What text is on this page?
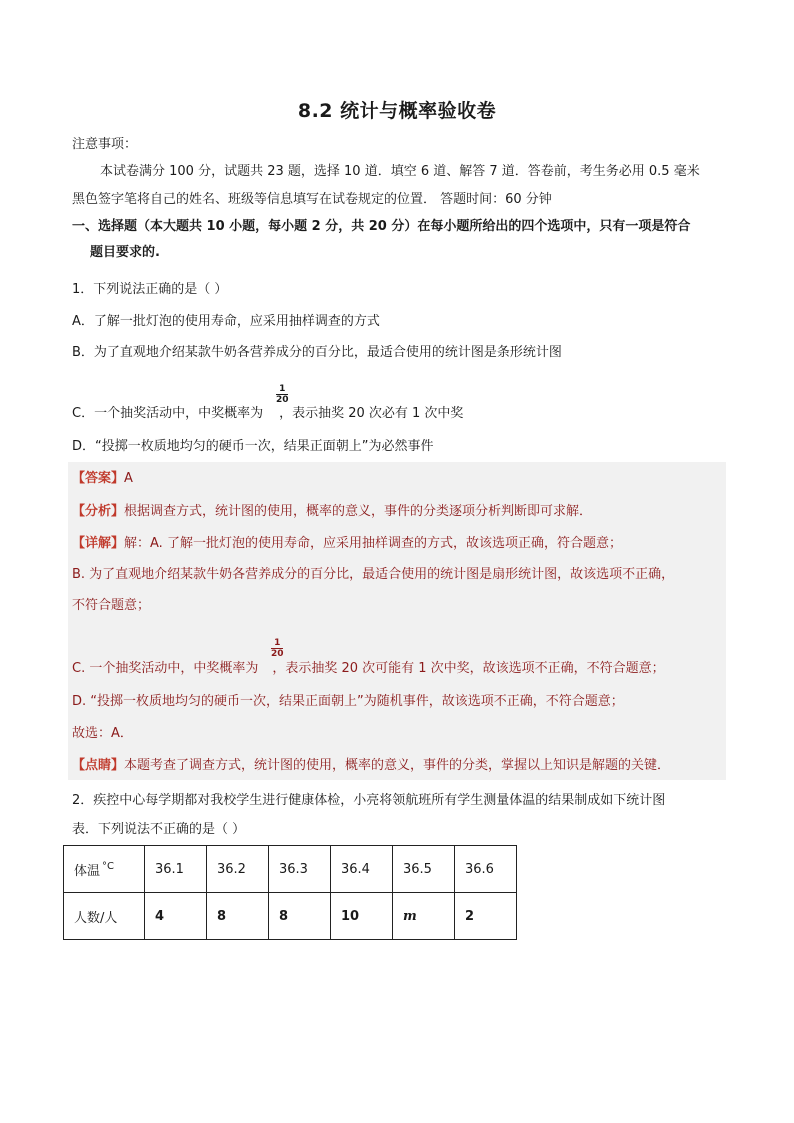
8.2 统计与概率验收卷
注意事项：
本试卷满分 100 分，试题共 23 题，选择 10 道．填空 6 道、解答 7 道．答卷前，考生务必用 0.5 毫米
黑色签字笔将自己的姓名、班级等信息填写在试卷规定的位置． 答题时间：60 分钟
一、选择题（本大题共 10 小题，每小题 2 分，共 20 分）在每小题所给出的四个选项中，只有一项是符合
题目要求的.
1．下列说法正确的是（ ）
A．了解一批灯泡的使用寿命，应采用抽样调查的方式
B．为了直观地介绍某款牛奶各营养成分的百分比，最适合使用的统计图是条形统计图
1
20
C．一个抽奖活动中，中奖概率为 ，表示抽奖 20 次必有 1 次中奖
D．“投掷一枚质地均匀的硬币一次，结果正面朝上”为必然事件
【答案】A
【分析】根据调查方式，统计图的使用，概率的意义，事件的分类逐项分析判断即可求解．
【详解】解：A. 了解一批灯泡的使用寿命，应采用抽样调查的方式，故该选项正确，符合题意；
B. 为了直观地介绍某款牛奶各营养成分的百分比，最适合使用的统计图是扇形统计图，故该选项不正确，
不符合题意；
1
20
C. 一个抽奖活动中，中奖概率为 ，表示抽奖 20 次可能有 1 次中奖，故该选项不正确，不符合题意；
D. “投掷一枚质地均匀的硬币一次，结果正面朝上”为随机事件，故该选项不正确，不符合题意；
故选：A．
【点睛】本题考查了调查方式，统计图的使用，概率的意义，事件的分类，掌握以上知识是解题的关键．
2．疾控中心每学期都对我校学生进行健康体检，小亮将领航班所有学生测量体温的结果制成如下统计图
表．下列说法不正确的是（ ）
体温 $^{^\circ C}$	36.1	36.2	36.3	36.4	36.5	36.6
人数/人	4	8	8	10	m	2
